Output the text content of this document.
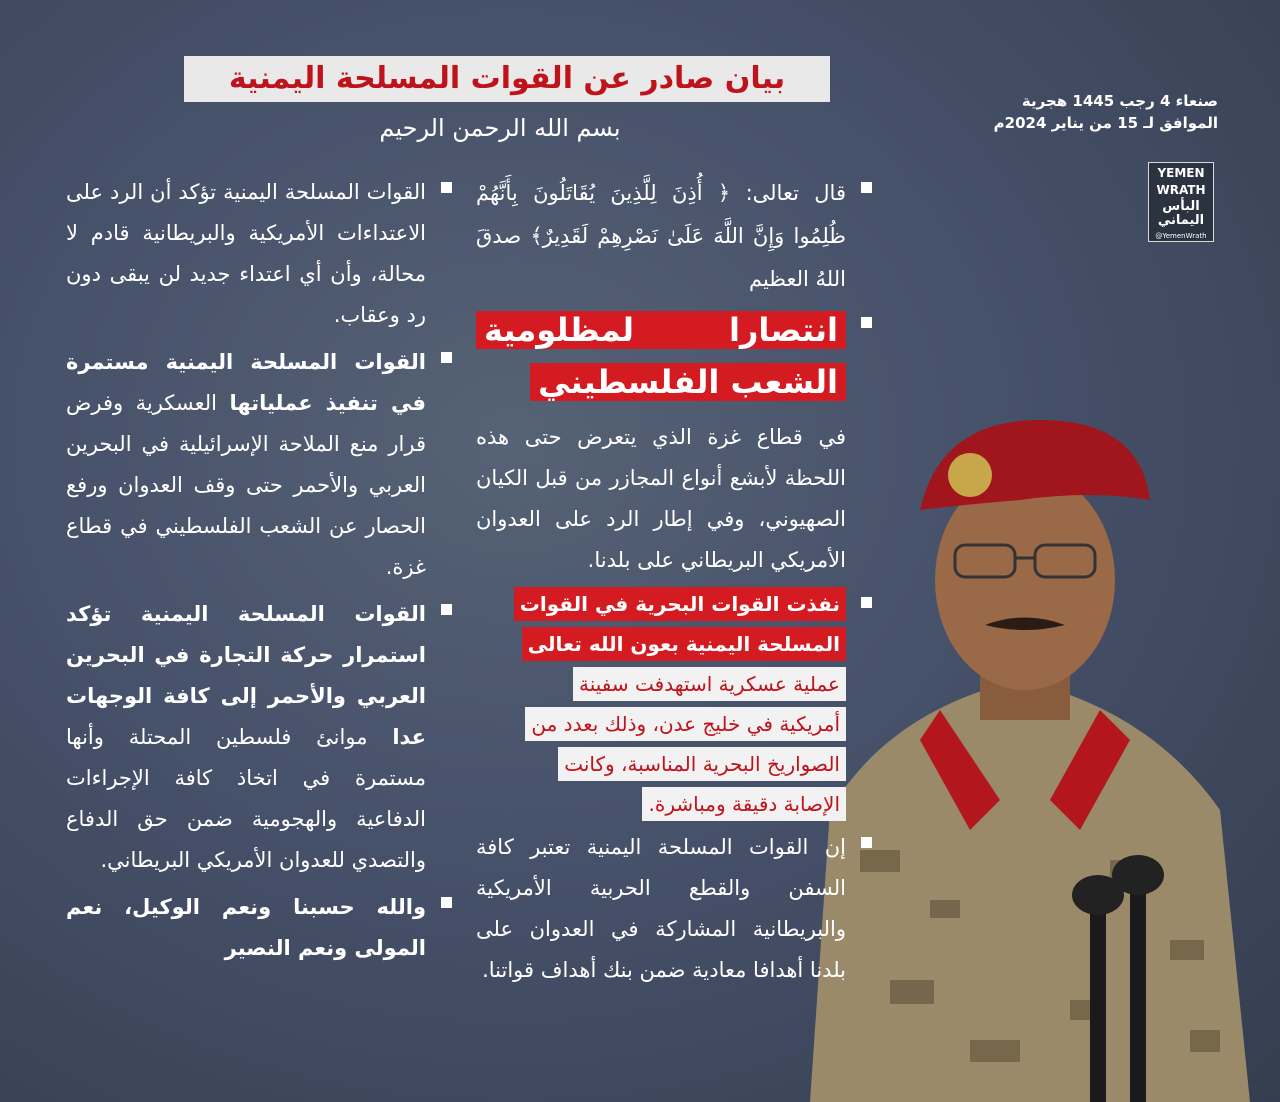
بيان صادر عن القوات المسلحة اليمنية
بسم الله الرحمن الرحيم
صنعاء 4 رجب 1445 هجرية
الموافق لـ 15 من يناير 2024م
YEMEN
WRATH
البأس اليماني
@YemenWrath

قال تعالى: ﴿ أُذِنَ لِلَّذِينَ يُقَاتَلُونَ بِأَنَّهُمْ ظُلِمُوا وَإِنَّ اللَّهَ عَلَىٰ نَصْرِهِمْ لَقَدِيرٌ﴾ صدقَ اللهُ العظيم

انتصارا لمظلومية الشعب الفلسطيني

في قطاع غزة الذي يتعرض حتى هذه اللحظة لأبشع أنواع المجازر من قبل الكيان الصهيوني، وفي إطار الرد على العدوان الأمريكي البريطاني على بلدنا.

نفذت القوات البحرية في القوات
المسلحة اليمنية بعون الله تعالى
عملية عسكرية استهدفت سفينة
أمريكية في خليج عدن، وذلك بعدد من
الصواريخ البحرية المناسبة، وكانت
الإصابة دقيقة ومباشرة.

إن القوات المسلحة اليمنية تعتبر كافة السفن والقطع الحربية الأمريكية والبريطانية المشاركة في العدوان على بلدنا أهدافا معادية ضمن بنك أهداف قواتنا.

القوات المسلحة اليمنية تؤكد أن الرد على الاعتداءات الأمريكية والبريطانية قادم لا محالة، وأن أي اعتداء جديد لن يبقى دون رد وعقاب.

القوات المسلحة اليمنية مستمرة في تنفيذ عملياتها العسكرية وفرض قرار منع الملاحة الإسرائيلية في البحرين العربي والأحمر حتى وقف العدوان ورفع الحصار عن الشعب الفلسطيني في قطاع غزة.

القوات المسلحة اليمنية تؤكد استمرار حركة التجارة في البحرين العربي والأحمر إلى كافة الوجهات عدا موانئ فلسطين المحتلة وأنها مستمرة في اتخاذ كافة الإجراءات الدفاعية والهجومية ضمن حق الدفاع والتصدي للعدوان الأمريكي البريطاني.

والله حسبنا ونعم الوكيل، نعم المولى ونعم النصير
